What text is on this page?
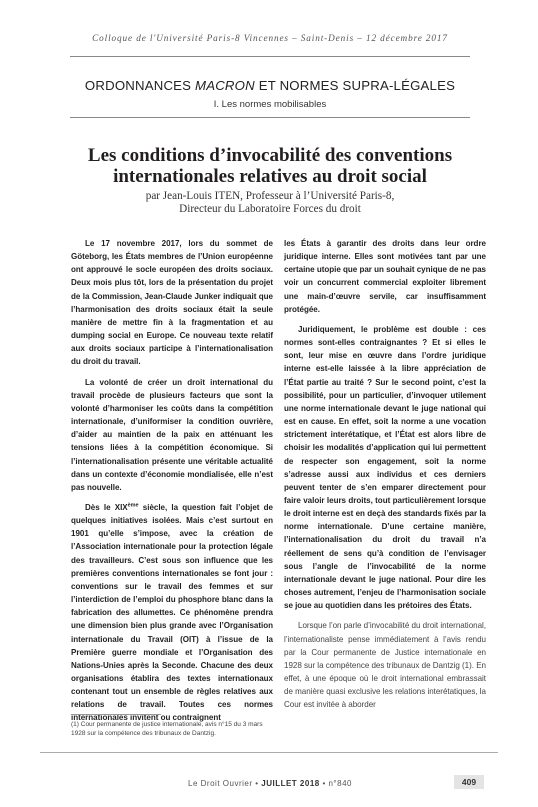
Colloque de l'Université Paris-8 Vincennes – Saint-Denis – 12 décembre 2017
ORDONNANCES MACRON ET NORMES SUPRA-LÉGALES
I. Les normes mobilisables
Les conditions d’invocabilité des conventions internationales relatives au droit social
par Jean-Louis ITEN, Professeur à l’Université Paris-8,
Directeur du Laboratoire Forces du droit

Le 17 novembre 2017, lors du sommet de Göteborg, les États membres de l’Union européenne ont approuvé le socle européen des droits sociaux. Deux mois plus tôt, lors de la présentation du projet de la Commission, Jean-Claude Junker indiquait que l’harmonisation des droits sociaux était la seule manière de mettre fin à la fragmentation et au dumping social en Europe. Ce nouveau texte relatif aux droits sociaux participe à l’internationalisation du droit du travail.

La volonté de créer un droit international du travail procède de plusieurs facteurs que sont la volonté d’harmoniser les coûts dans la compétition internationale, d’uniformiser la condition ouvrière, d’aider au maintien de la paix en atténuant les tensions liées à la compétition économique. Si l’internationalisation présente une véritable actualité dans un contexte d’économie mondialisée, elle n’est pas nouvelle.

Dès le XIXème siècle, la question fait l’objet de quelques initiatives isolées. Mais c’est surtout en 1901 qu’elle s’impose, avec la création de l’Association internationale pour la protection légale des travailleurs. C’est sous son influence que les premières conventions internationales se font jour : conventions sur le travail des femmes et sur l’interdiction de l’emploi du phosphore blanc dans la fabrication des allumettes. Ce phénomène prendra une dimension bien plus grande avec l’Organisation internationale du Travail (OIT) à l’issue de la Première guerre mondiale et l’Organisation des Nations-Unies après la Seconde. Chacune des deux organisations établira des textes internationaux contenant tout un ensemble de règles relatives aux relations de travail. Toutes ces normes internationales invitent ou contraignent

les États à garantir des droits dans leur ordre juridique interne. Elles sont motivées tant par une certaine utopie que par un souhait cynique de ne pas voir un concurrent commercial exploiter librement une main-d’œuvre servile, car insuffisamment protégée.

Juridiquement, le problème est double : ces normes sont-elles contraignantes ? Et si elles le sont, leur mise en œuvre dans l’ordre juridique interne est-elle laissée à la libre appréciation de l’État partie au traité ? Sur le second point, c’est la possibilité, pour un particulier, d’invoquer utilement une norme internationale devant le juge national qui est en cause. En effet, soit la norme a une vocation strictement interétatique, et l’État est alors libre de choisir les modalités d’application qui lui permettent de respecter son engagement, soit la norme s’adresse aussi aux individus et ces derniers peuvent tenter de s’en emparer directement pour faire valoir leurs droits, tout particulièrement lorsque le droit interne est en deçà des standards fixés par la norme internationale. D’une certaine manière, l’internationalisation du droit du travail n’a réellement de sens qu’à condition de l’envisager sous l’angle de l’invocabilité de la norme internationale devant le juge national. Pour dire les choses autrement, l’enjeu de l’harmonisation sociale se joue au quotidien dans les prétoires des États.

Lorsque l’on parle d’invocabilité du droit international, l’internationaliste pense immédiatement à l’avis rendu par la Cour permanente de Justice internationale en 1928 sur la compétence des tribunaux de Dantzig (1). En effet, à une époque où le droit international embrassait de manière quasi exclusive les relations interétatiques, la Cour est invitée à aborder

(1) Cour permanente de justice internationale, avis n°15 du 3 mars 1928 sur la compétence des tribunaux de Dantzig.
Le Droit Ouvrier • JUILLET 2018 • n°840	409
